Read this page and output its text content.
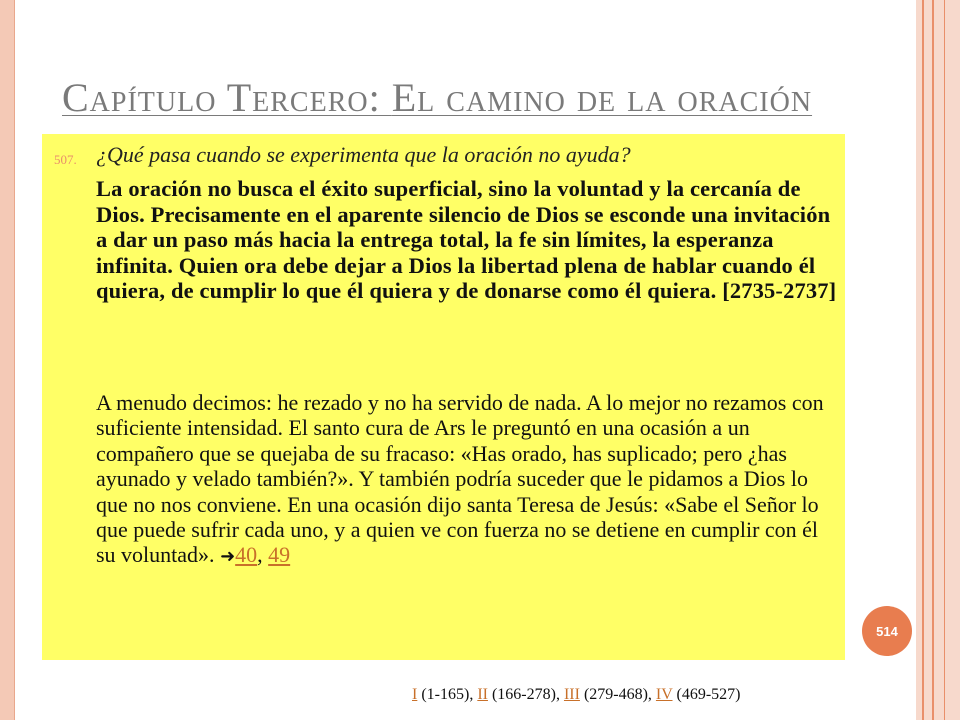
Capítulo Tercero: El camino de la oración
507. ¿Qué pasa cuando se experimenta que la oración no ayuda?
La oración no busca el éxito superficial, sino la voluntad y la cercanía de Dios. Precisamente en el aparente silencio de Dios se esconde una invitación a dar un paso más hacia la entrega total, la fe sin límites, la esperanza infinita. Quien ora debe dejar a Dios la libertad plena de hablar cuando él quiera, de cumplir lo que él quiera y de donarse como él quiera. [2735-2737]
A menudo decimos: he rezado y no ha servido de nada. A lo mejor no rezamos con suficiente intensidad. El santo cura de Ars le preguntó en una ocasión a un compañero que se quejaba de su fracaso: «Has orado, has suplicado; pero ¿has ayunado y velado también?». Y también podría suceder que le pidamos a Dios lo que no nos conviene. En una ocasión dijo santa Teresa de Jesús: «Sabe el Señor lo que puede sufrir cada uno, y a quien ve con fuerza no se detiene en cumplir con él su voluntad». ➜40, 49
514
I (1-165), II (166-278), III (279-468), IV (469-527)
